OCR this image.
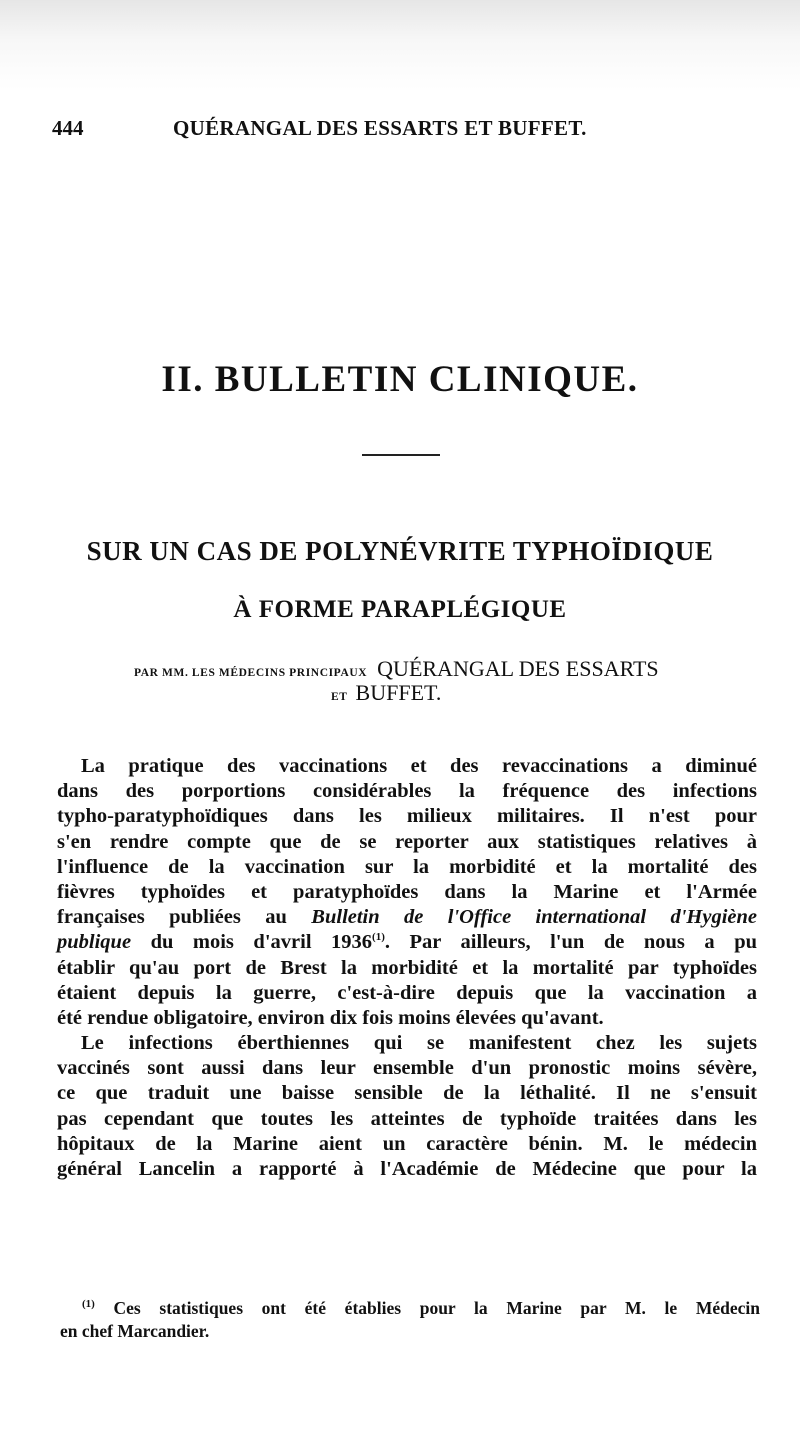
444	QUÉRANGAL DES ESSARTS ET BUFFET.
II. BULLETIN CLINIQUE.
SUR UN CAS DE POLYNÉVRITE TYPHOÏDIQUE
À FORME PARAPLÉGIQUE
PAR MM. LES MÉDECINS PRINCIPAUX QUÉRANGAL DES ESSARTS
ET BUFFET.
La pratique des vaccinations et des revaccinations a diminué
dans des porportions considérables la fréquence des infections
typho-paratyphoïdiques dans les milieux militaires. Il n'est pour
s'en rendre compte que de se reporter aux statistiques relatives à
l'influence de la vaccination sur la morbidité et la mortalité des
fièvres typhoïdes et paratyphoïdes dans la Marine et l'Armée
françaises publiées au Bulletin de l'Office international d'Hygiène
publique du mois d'avril 1936$^{(1)}$. Par ailleurs, l'un de nous a pu
établir qu'au port de Brest la morbidité et la mortalité par typhoïdes
étaient depuis la guerre, c'est-à-dire depuis que la vaccination a
été rendue obligatoire, environ dix fois moins élevées qu'avant.
Le infections éberthiennes qui se manifestent chez les sujets
vaccinés sont aussi dans leur ensemble d'un pronostic moins sévère,
ce que traduit une baisse sensible de la léthalité. Il ne s'ensuit
pas cependant que toutes les atteintes de typhoïde traitées dans les
hôpitaux de la Marine aient un caractère bénin. M. le médecin
général Lancelin a rapporté à l'Académie de Médecine que pour la
$^{(1)}$ Ces statistiques ont été établies pour la Marine par M. le Médecin
en chef Marcandier.
